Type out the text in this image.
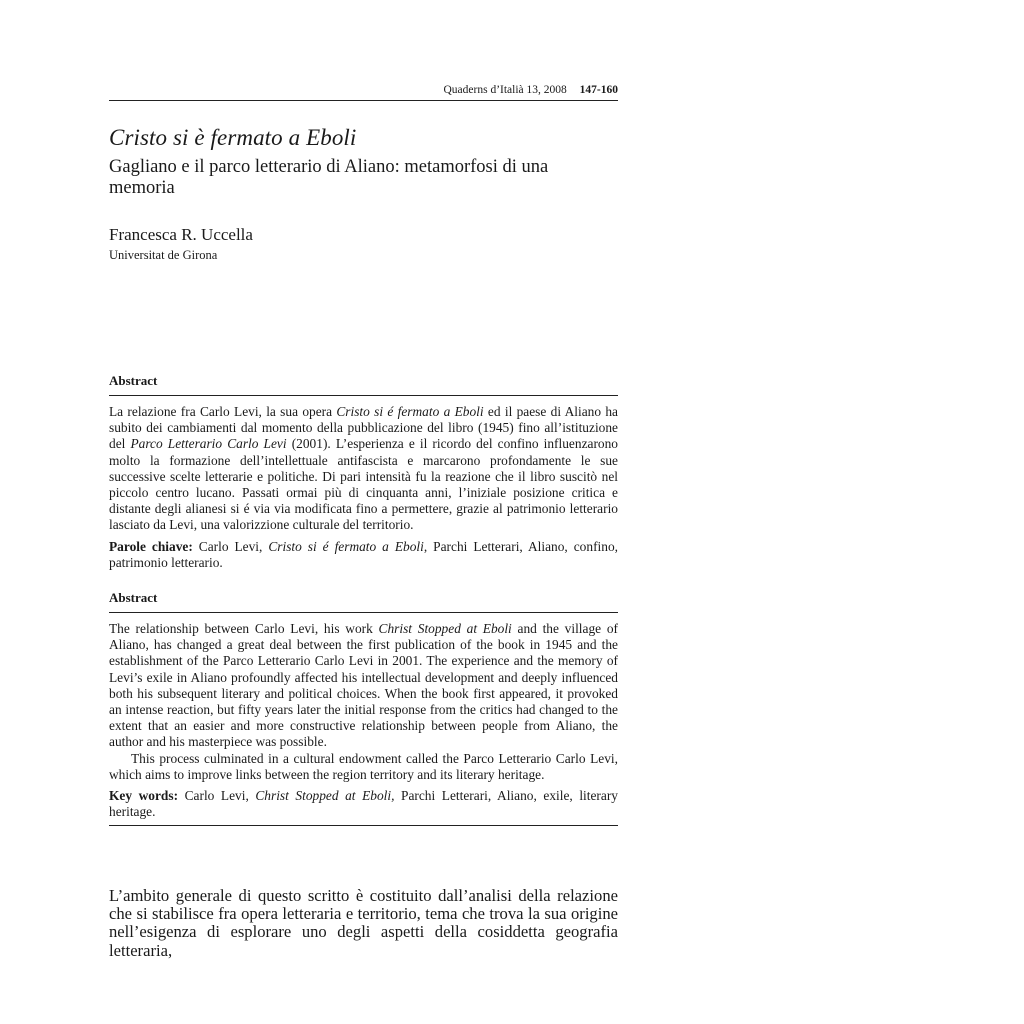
Quaderns d’Italià 13, 2008 147-160
Cristo si è fermato a Eboli
Gagliano e il parco letterario di Aliano: metamorfosi di una memoria
Francesca R. Uccella
Universitat de Girona
Abstract

La relazione fra Carlo Levi, la sua opera Cristo si é fermato a Eboli ed il paese di Aliano ha subito dei cambiamenti dal momento della pubblicazione del libro (1945) fino all’istituzione del Parco Letterario Carlo Levi (2001). L’esperienza e il ricordo del confino influenzarono molto la formazione dell’intellettuale antifascista e marcarono profondamente le sue successive scelte letterarie e politiche. Di pari intensità fu la reazione che il libro suscitò nel piccolo centro lucano. Passati ormai più di cinquanta anni, l’iniziale posizione critica e distante degli alianesi si é via via modificata fino a permettere, grazie al patrimonio letterario lasciato da Levi, una valorizzione culturale del territorio.

Parole chiave: Carlo Levi, Cristo si é fermato a Eboli, Parchi Letterari, Aliano, confino, patrimonio letterario.

Abstract

The relationship between Carlo Levi, his work Christ Stopped at Eboli and the village of Aliano, has changed a great deal between the first publication of the book in 1945 and the establishment of the Parco Letterario Carlo Levi in 2001. The experience and the memory of Levi’s exile in Aliano profoundly affected his intellectual development and deeply influenced both his subsequent literary and political choices. When the book first appeared, it provoked an intense reaction, but fifty years later the initial response from the critics had changed to the extent that an easier and more constructive relationship between people from Aliano, the author and his masterpiece was possible.

This process culminated in a cultural endowment called the Parco Letterario Carlo Levi, which aims to improve links between the region territory and its literary heritage.

Key words: Carlo Levi, Christ Stopped at Eboli, Parchi Letterari, Aliano, exile, literary heritage.

L’ambito generale di questo scritto è costituito dall’analisi della relazione che si stabilisce fra opera letteraria e territorio, tema che trova la sua origine nell’esigenza di esplorare uno degli aspetti della cosiddetta geografia letteraria,
